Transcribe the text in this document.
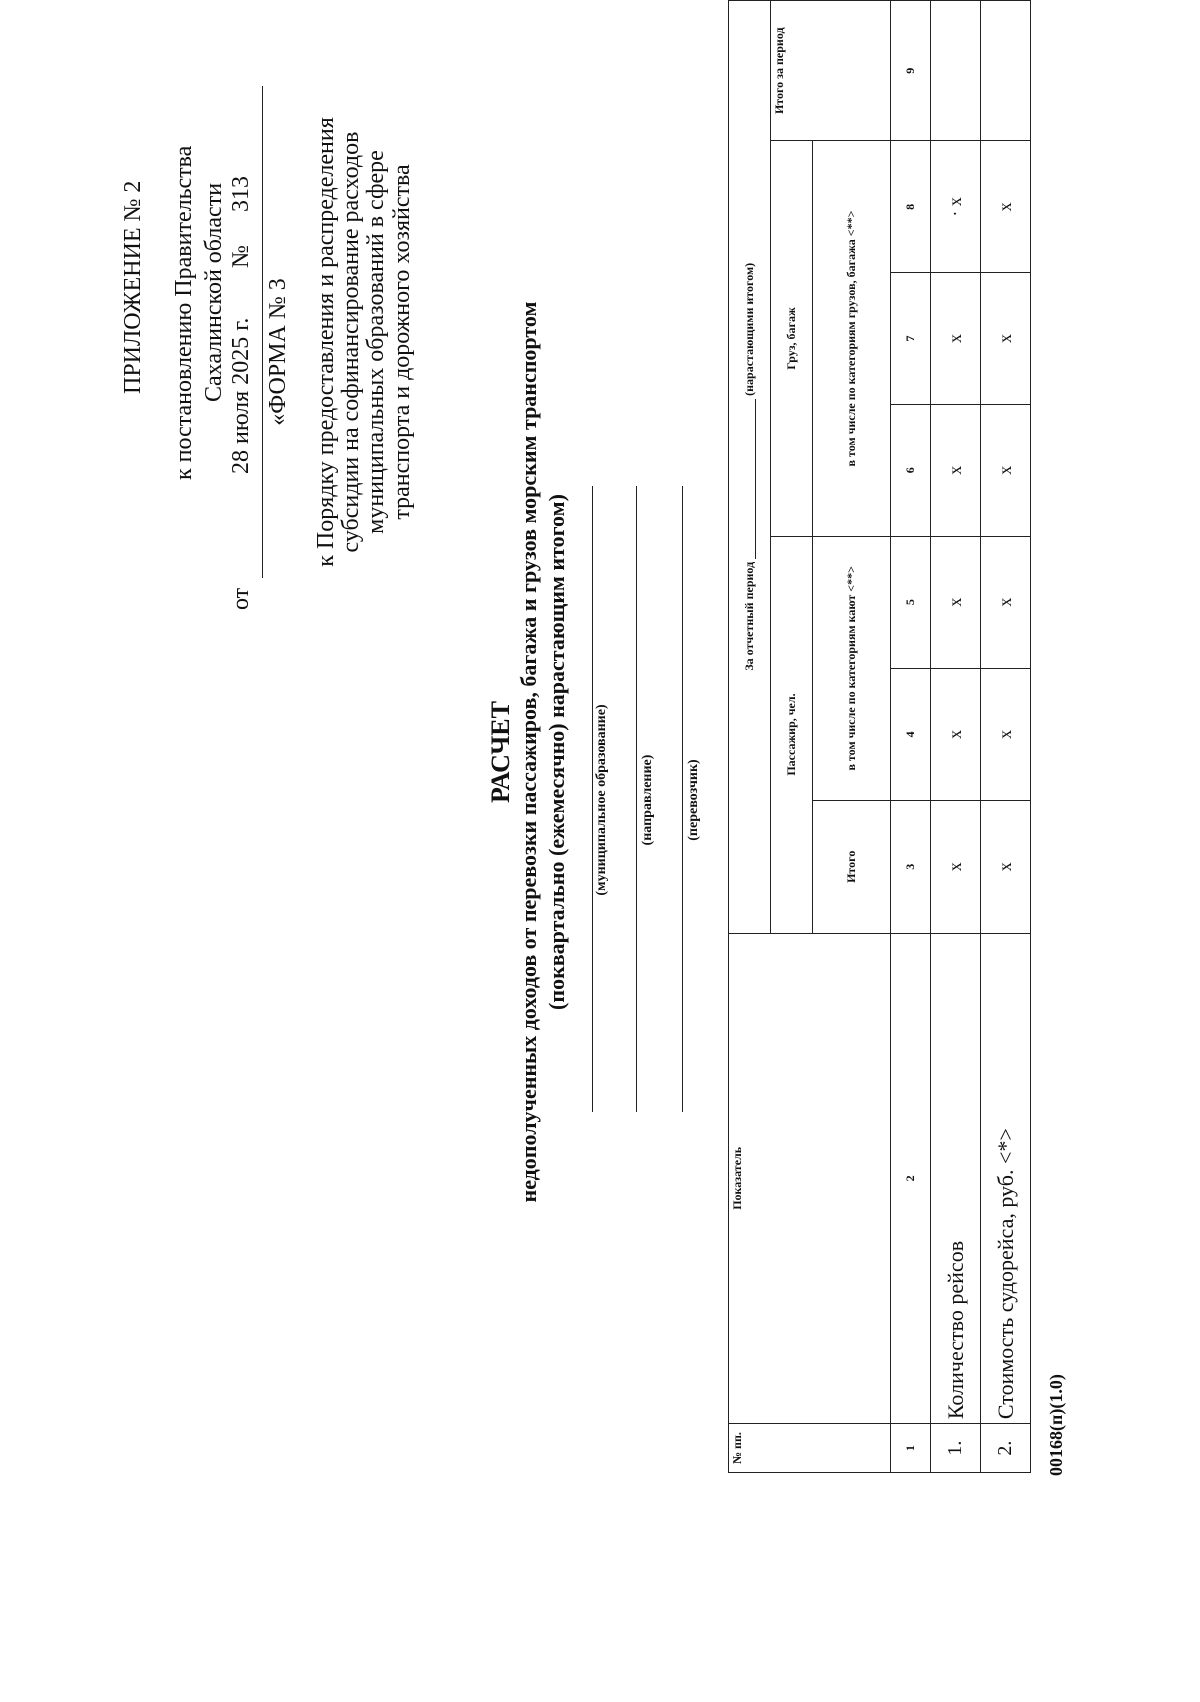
ПРИЛОЖЕНИЕ № 2 к постановлению Правительства Сахалинской области
от
28 июля 2025 г.
№
313
«ФОРМА № 3 к Порядку предоставления и распределения субсидии на софинансирование расходов муниципальных образований в сфере транспорта и дорожного хозяйства
РАСЧЕТ недополученных доходов от перевозки пассажиров, багажа и грузов морским транспортом (поквартально (ежемесячно) нарастающим итогом) (муниципальное образование) (направление) (перевозчик)
№ пп.	Показатель	За отчетный период  (нарастающими итогом)						
		Пассажир, чел.			Груз, багаж			Итого за период
		Итого	в том числе по категориям кают <**>		в том числе по категориям грузов, багажа <**>			
1	2	3	4	5	6	7	8	9
1.	Количество рейсов	х	х	х	х	х	· х	
2.	Стоимость судорейса, руб. <*>	х	х	х	х	х	х	
00168(п)(1.0)
